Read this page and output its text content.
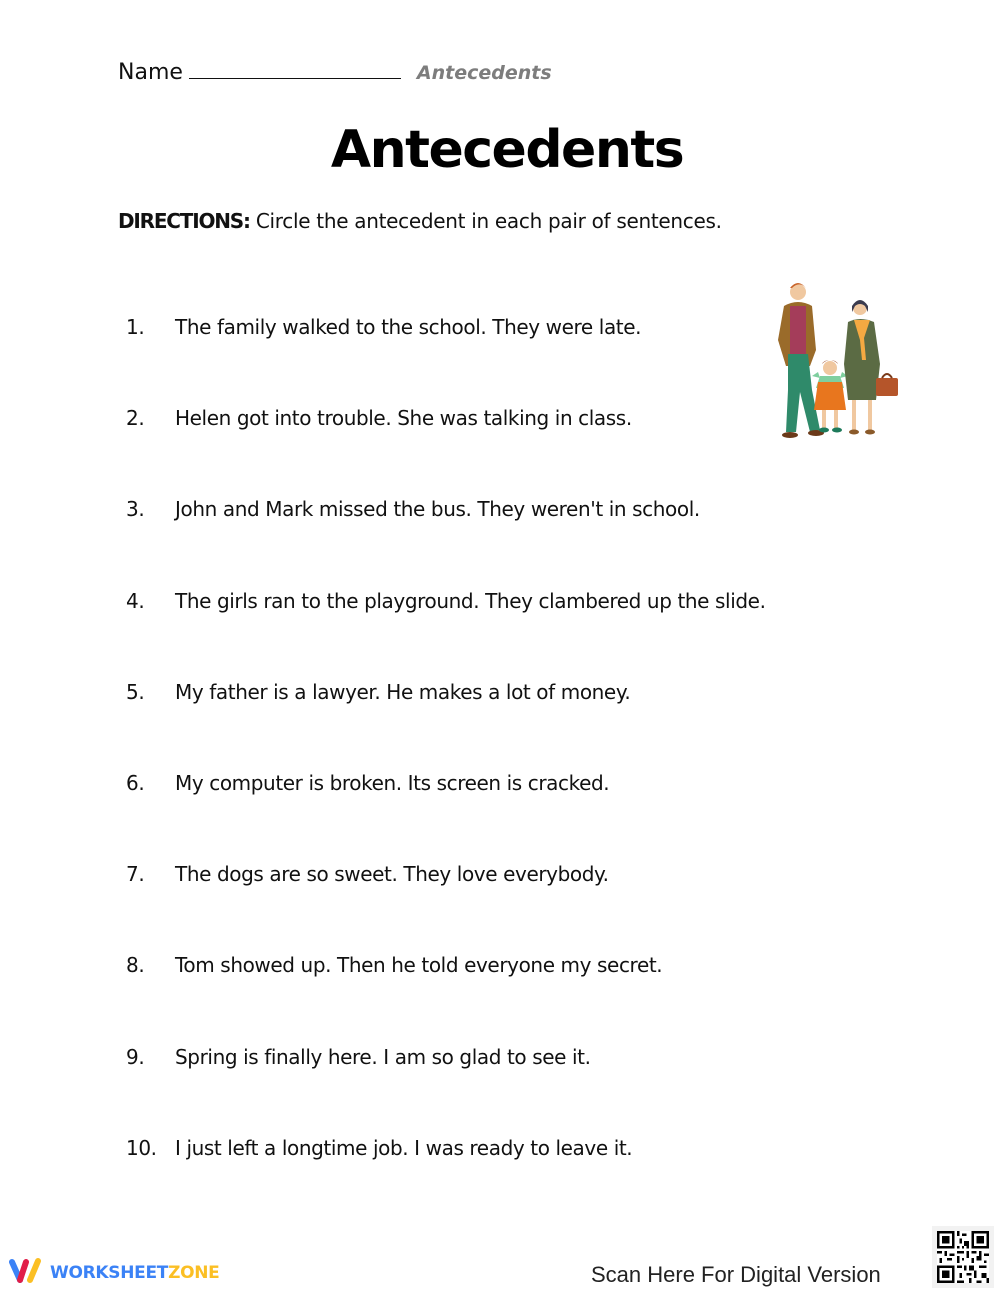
Name	Antecedents
Antecedents
DIRECTIONS: Circle the antecedent in each pair of sentences.
1.	The family walked to the school. They were late.
2.	Helen got into trouble. She was talking in class.
3.	John and Mark missed the bus. They weren't in school.
4.	The girls ran to the playground. They clambered up the slide.
5.	My father is a lawyer. He makes a lot of money.
6.	My computer is broken. Its screen is cracked.
7.	The dogs are so sweet. They love everybody.
8.	Tom showed up. Then he told everyone my secret.
9.	Spring is finally here. I am so glad to see it.
10. I just left a longtime job. I was ready to leave it.
WORKSHEETZONE	Scan Here For Digital Version
